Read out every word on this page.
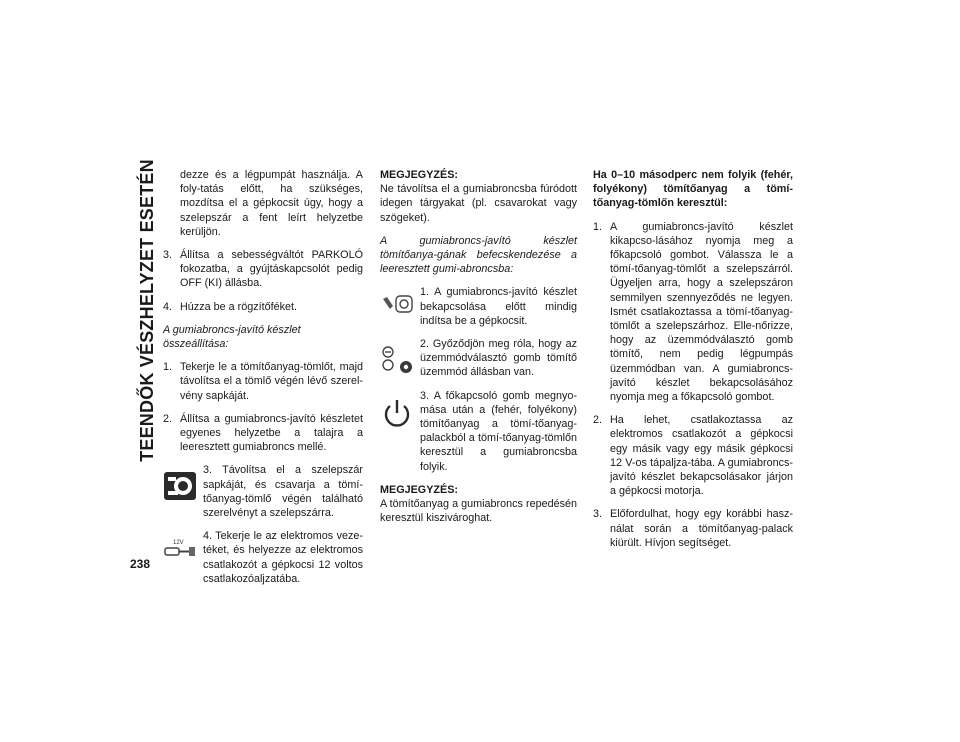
TEENDŐK VÉSZHELYZET ESETÉN	dezze és a légpumpát használja. A foly-tatás előtt, ha szükséges, mozdítsa el a gépkocsit úgy, hogy a szelepszár a fent leírt helyzetbe kerüljön.

3. Állítsa a sebességváltót PARKOLÓ fokozatba, a gyújtáskapcsolót pedig OFF (KI) állásba.
4. Húzza be a rögzítőféket.

A gumiabroncs-javító készlet összeállítása:

1. Tekerje le a tömítőanyag-tömlőt, majd távolítsa el a tömlő végén lévő szerel-vény sapkáját.
2. Állítsa a gumiabroncs-javító készletet egyenes helyzetbe a talajra a leeresztett gumiabroncs mellé.
3. Távolítsa el a szelepszár sapkáját, és csavarja a tömí-tőanyag-tömlő végén található szerelvényt a szelepszárra.
12V
4. Tekerje le az elektromos veze-téket, és helyezze az elektromos csatlakozót a gépkocsi 12 voltos csatlakozóaljzatába.

MEGJEGYZÉS:

Ne távolítsa el a gumiabroncsba fúródott idegen tárgyakat (pl. csavarokat vagy szögeket).

A gumiabroncs-javító készlet tömítőanya-gának befecskendezése a leeresztett gumi-abroncsba:

1. A gumiabroncs-javító készlet bekapcsolása előtt mindig indítsa be a gépkocsit.
2. Győződjön meg róla, hogy az üzemmódválasztó gomb tömítő üzemmód állásban van.
3. A főkapcsoló gomb megnyo-mása után a (fehér, folyékony) tömítőanyag a tömí-tőanyag-palackból a tömí-tőanyag-tömlőn keresztül a gumiabroncsba folyik.

MEGJEGYZÉS:

A tömítőanyag a gumiabroncs repedésén keresztül kiszivároghat.

Ha 0–10 másodperc nem folyik (fehér, folyékony) tömítőanyag a tömí-tőanyag-tömlőn keresztül:

1. A gumiabroncs-javító készlet kikapcso-lásához nyomja meg a főkapcsoló gombot. Válassza le a tömí-tőanyag-tömlőt a szelepszárról. Ügyeljen arra, hogy a szelepszáron semmilyen szennyeződés ne legyen. Ismét csatlakoztassa a tömí-tőanyag-tömlőt a szelepszárhoz. Elle-nőrizze, hogy az üzemmódválasztó gomb tömítő, nem pedig légpumpás üzemmódban van. A gumiabroncs-javító készlet bekapcsolásához nyomja meg a főkapcsoló gombot.
2. Ha lehet, csatlakoztassa az elektromos csatlakozót a gépkocsi egy másik vagy egy másik gépkocsi 12 V-os tápaljza-tába. A gumiabroncs-javító készlet bekapcsolásakor járjon a gépkocsi motorja.
3. Előfordulhat, hogy egy korábbi hasz-nálat során a tömítőanyag-palack kiürült. Hívjon segítséget.
238
